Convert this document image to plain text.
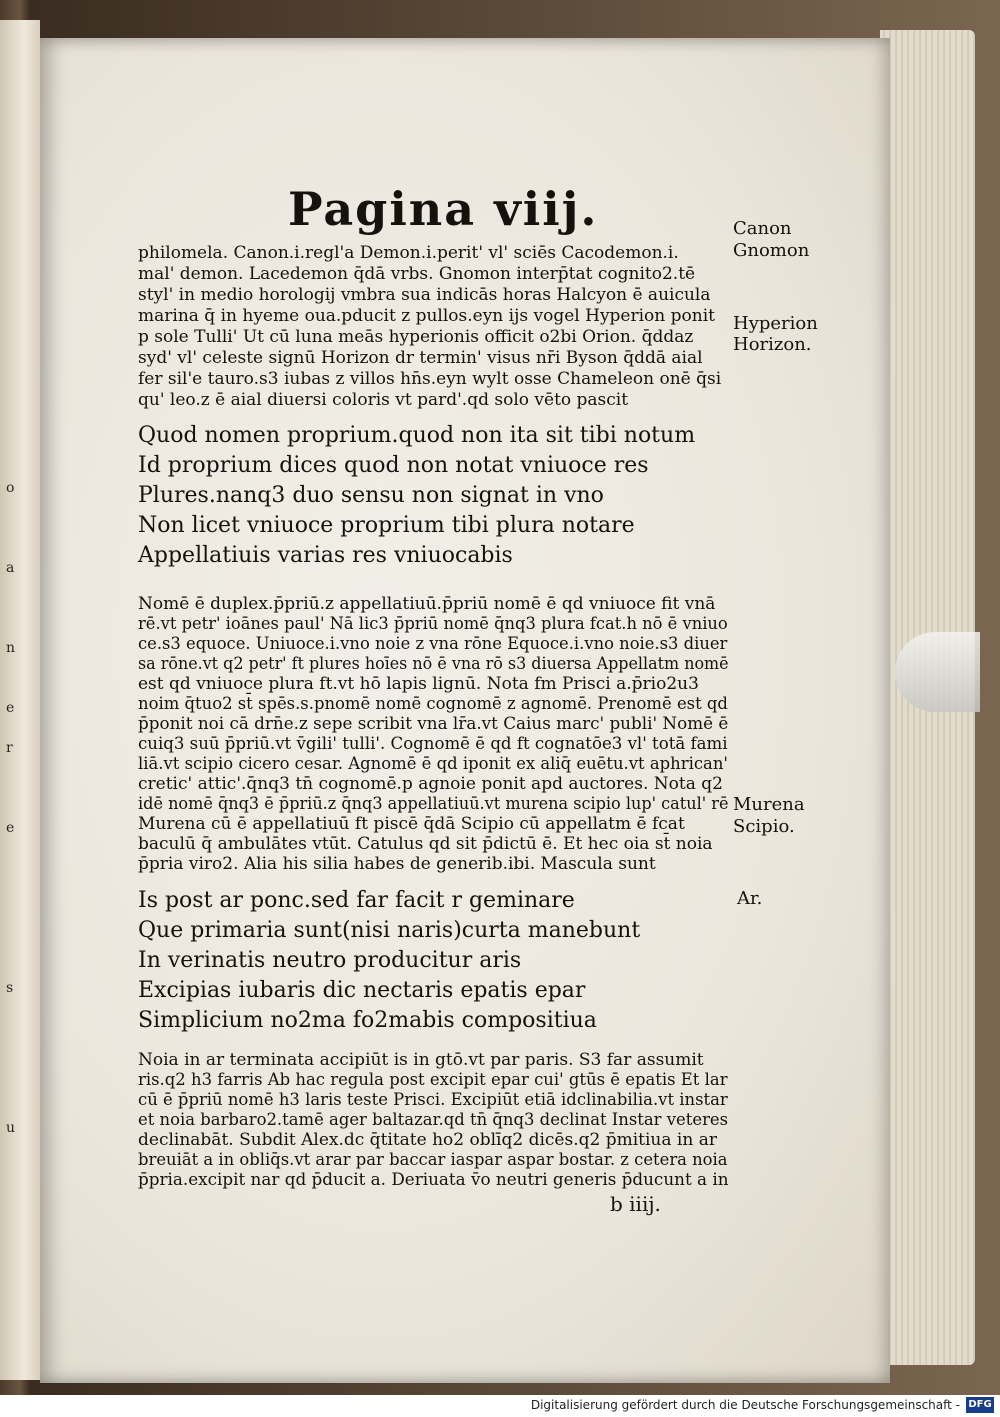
o
a
n
e
r
e
s
u
Pagina viij.	Canon
Gnomon
Hyperion
Horizon.
Murena
Scipio.
Ar.
philomela. Canon.i.regl'a Demon.i.perit' vl' sciēs Cacodemon.i.
mal' demon. Lacedemon q̄dā vrbs. Gnomon interp̄tat cognito2.tē
styl' in medio horologij vmbra sua indicās horas Halcyon ē auicula
marina q̄ in hyeme oua.pducit z pullos.eyn ijs vogel Hyperion ponit
p sole Tulli' Ut cū luna meās hyperionis officit o2bi Orion. q̄ddaz
syd' vl' celeste signū Horizon dr termin' visus nr̄i Byson q̄ddā aial
fer sil'e tauro.s3 iubas z villos hn̄s.eyn wylt osse Chameleon onē q̄si
qu' leo.z ē aial diuersi coloris vt pard'.qd solo vēto pascit
Quod nomen proprium.quod non ita sit tibi notum
Id proprium dices quod non notat vniuoce res
Plures.nanq3 duo sensu non signat in vno
Non licet vniuoce proprium tibi plura notare
Appellatiuis varias res vniuocabis
Nomē ē duplex.p̄priū.z appellatiuū.p̄priū nomē ē qd vniuoce fit vnā
rē.vt petr' ioānes paul' Nā lic3 p̄priū nomē q̄nq3 plura fcat.h nō ē vniuo
ce.s3 equoce. Uniuoce.i.vno noie z vna rōne Equoce.i.vno noie.s3 diuer
sa rōne.vt q2 petr' ft plures hoīes nō ē vna rō s3 diuersa Appellatm nomē
est qd vniuoce plura ft.vt hō lapis lignū. Nota fm Prisci a.p̄rio2u3
noim q̄tuo2 st̄ spēs.s.pnomē nomē cognomē z agnomē. Prenomē est qd
p̄ponit noi cā drn̄e.z sepe scribit vna lr̄a.vt Caius marc' publi' Nomē ē
cuiq3 suū p̄priū.vt v̄gili' tulli'. Cognomē ē qd ft cognatōe3 vl' totā fami
liā.vt scipio cicero cesar. Agnomē ē qd iponit ex aliq̄ euētu.vt aphrican'
cretic' attic'.q̄nq3 tn̄ cognomē.p agnoie ponit apd auctores. Nota q2
idē nomē q̄nq3 ē p̄priū.z q̄nq3 appellatiuū.vt murena scipio lup' catul' rē
Murena cū ē appellatiuū ft piscē q̄dā Scipio cū appellatm ē fcat
baculū q̄ ambulātes vtūt. Catulus qd sit p̄dictū ē. Et hec oia st̄ noia
p̄pria viro2. Alia his silia habes de generib.ibi. Mascula sunt
Is post ar ponc.sed far facit r geminare
Que primaria sunt(nisi naris)curta manebunt
In verinatis neutro producitur aris
Excipias iubaris dic nectaris epatis epar
Simplicium no2ma fo2mabis compositiua
Noia in ar terminata accipiūt is in gtō.vt par paris. S3 far assumit
ris.q2 h3 farris Ab hac regula post excipit epar cui' gtūs ē epatis Et lar
cū ē p̄priū nomē h3 laris teste Prisci. Excipiūt etiā idclinabilia.vt instar
et noia barbaro2.tamē ager baltazar.qd tn̄ q̄nq3 declinat Instar veteres
declinabāt. Subdit Alex.dc q̄titate ho2 oblīq2 dicēs.q2 p̄mitiua in ar
breuiāt a in obliq̄s.vt arar par baccar iaspar aspar bostar. z cetera noia
p̄pria.excipit nar qd p̄ducit a. Deriuata v̄o neutri generis p̄ducunt a in
b iiij.
Digitalisierung gefördert durch die Deutsche Forschungsgemeinschaft - DFG
